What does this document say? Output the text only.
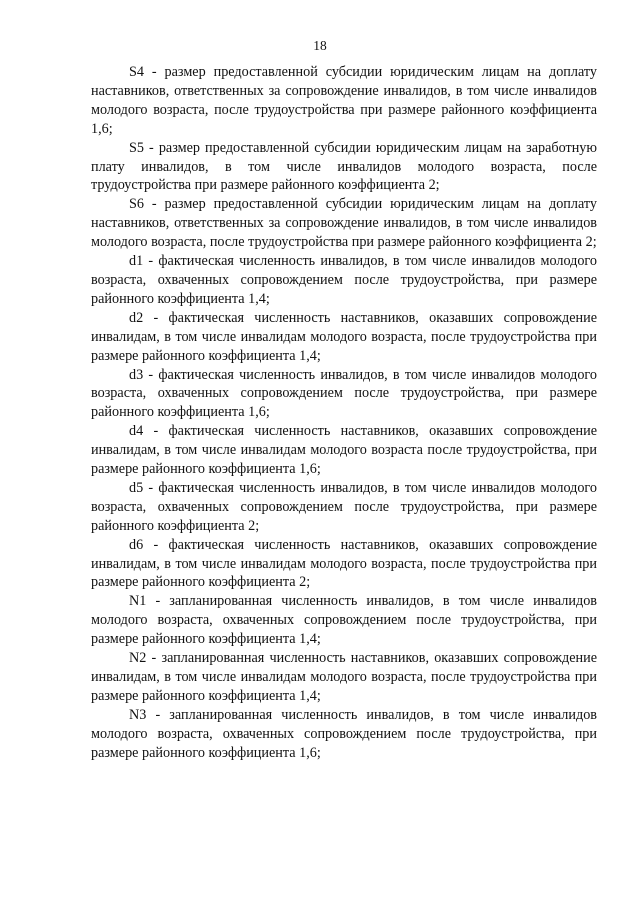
18

S4 - размер предоставленной субсидии юридическим лицам на доплату наставников, ответственных за сопровождение инвалидов, в том числе инвалидов молодого возраста, после трудоустройства при размере районного коэффициента 1,6;

S5 - размер предоставленной субсидии юридическим лицам на заработную плату инвалидов, в том числе инвалидов молодого возраста, после трудоустройства при размере районного коэффициента 2;

S6 - размер предоставленной субсидии юридическим лицам на доплату наставников, ответственных за сопровождение инвалидов, в том числе инвалидов молодого возраста, после трудоустройства при размере районного коэффициента 2;

d1 - фактическая численность инвалидов, в том числе инвалидов молодого возраста, охваченных сопровождением после трудоустройства, при размере районного коэффициента 1,4;

d2 - фактическая численность наставников, оказавших сопровождение инвалидам, в том числе инвалидам молодого возраста, после трудоустройства при размере районного коэффициента 1,4;

d3 - фактическая численность инвалидов, в том числе инвалидов молодого возраста, охваченных сопровождением после трудоустройства, при размере районного коэффициента 1,6;

d4 - фактическая численность наставников, оказавших сопровождение инвалидам, в том числе инвалидам молодого возраста после трудоустройства, при размере районного коэффициента 1,6;

d5 - фактическая численность инвалидов, в том числе инвалидов молодого возраста, охваченных сопровождением после трудоустройства, при размере районного коэффициента 2;

d6 - фактическая численность наставников, оказавших сопровождение инвалидам, в том числе инвалидам молодого возраста, после трудоустройства при размере районного коэффициента 2;

N1 - запланированная численность инвалидов, в том числе инвалидов молодого возраста, охваченных сопровождением после трудоустройства, при размере районного коэффициента 1,4;

N2 - запланированная численность наставников, оказавших сопровождение инвалидам, в том числе инвалидам молодого возраста, после трудоустройства при размере районного коэффициента 1,4;

N3 - запланированная численность инвалидов, в том числе инвалидов молодого возраста, охваченных сопровождением после трудоустройства, при размере районного коэффициента 1,6;
